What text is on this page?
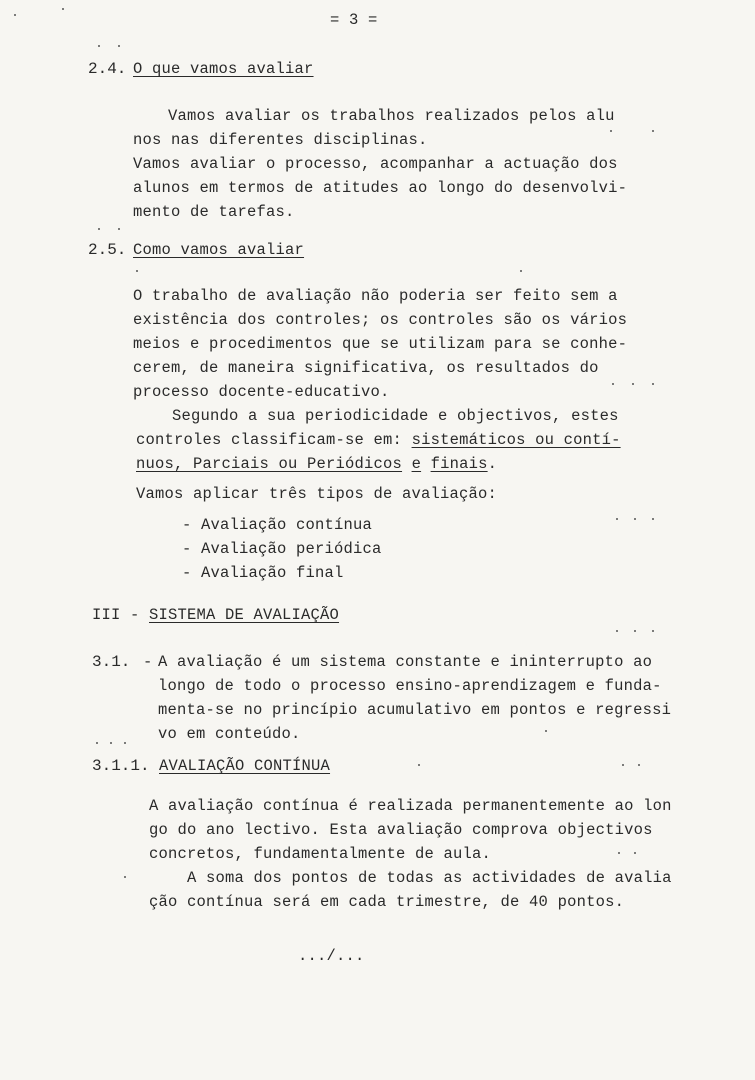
= 3 =
2.4. O que vamos avaliar
Vamos avaliar os trabalhos realizados pelos alu
nos nas diferentes disciplinas.
Vamos avaliar o processo, acompanhar a actuação dos
alunos em termos de atitudes ao longo do desenvolvi-
mento de tarefas.
2.5. Como vamos avaliar
O trabalho de avaliação não poderia ser feito sem a
existência dos controles; os controles são os vários
meios e procedimentos que se utilizam para se conhe-
cerem, de maneira significativa, os resultados do
processo docente-educativo.
Segundo a sua periodicidade e objectivos, estes
controles classificam-se em: sistemáticos ou contí-
nuos, Parciais ou Periódicos e finais.
Vamos aplicar três tipos de avaliação:
- Avaliação contínua
- Avaliação periódica
- Avaliação final
III - SISTEMA DE AVALIAÇÃO
3.1. - A avaliação é um sistema constante e ininterrupto ao
longo de todo o processo ensino-aprendizagem e funda-
menta-se no princípio acumulativo em pontos e regressi
vo em conteúdo.
3.1.1. AVALIAÇÃO CONTÍNUA
A avaliação contínua é realizada permanentemente ao lon
go do ano lectivo. Esta avaliação comprova objectivos
concretos, fundamentalmente de aula.
A soma dos pontos de todas as actividades de avalia
ção contínua será em cada trimestre, de 40 pontos.
.../...
